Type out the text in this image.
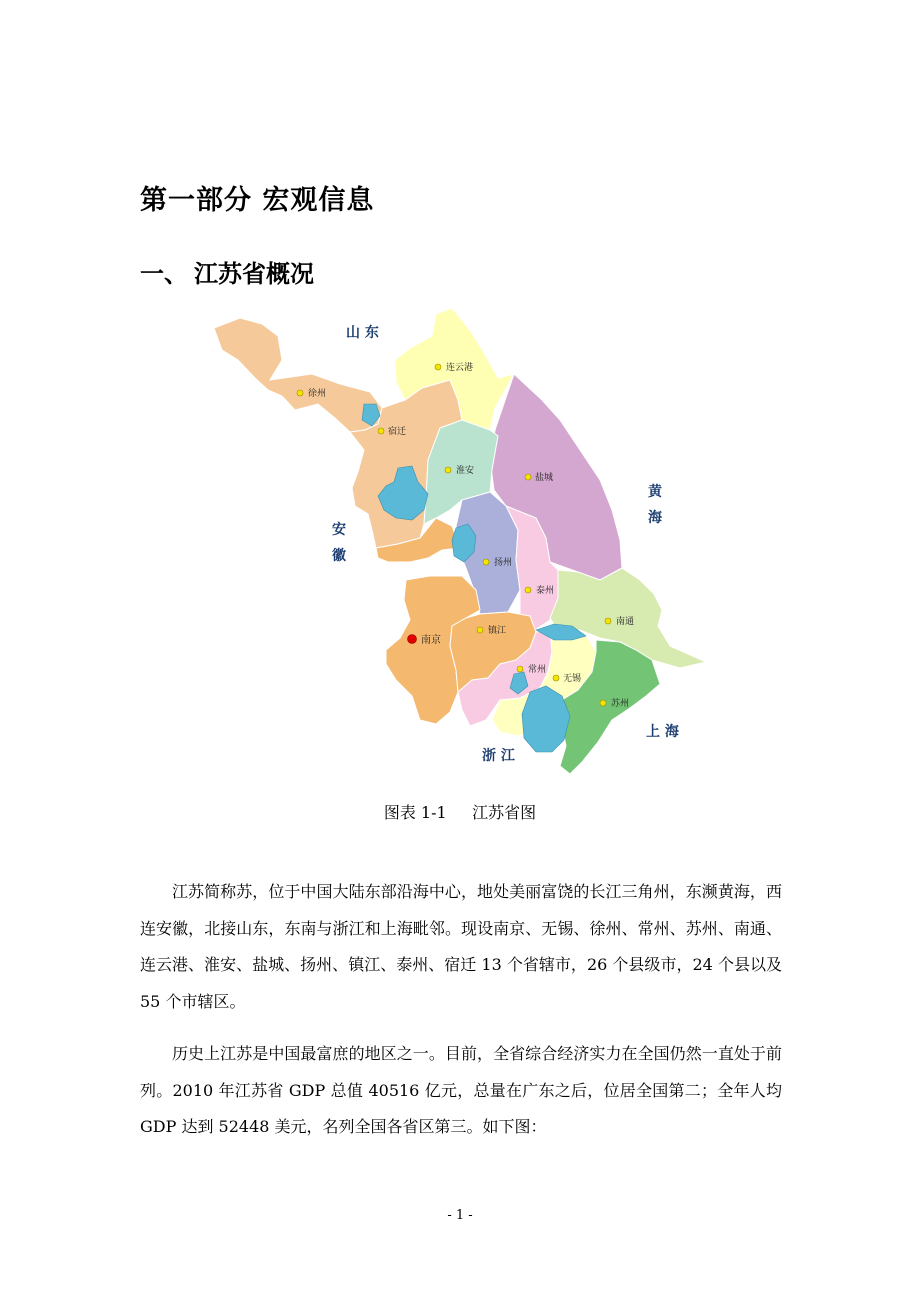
第一部分 宏观信息
一、 江苏省概况
山 东
黄
海
安
徽
上 海
浙 江
徐州
连云港
宿迁
淮安
盐城
扬州
泰州
南通
南京
镇江
常州
无锡
苏州
图表 1-1     江苏省图

江苏简称苏，位于中国大陆东部沿海中心，地处美丽富饶的长江三角州，东濒黄海，西连安徽，北接山东，东南与浙江和上海毗邻。现设南京、无锡、徐州、常州、苏州、南通、连云港、淮安、盐城、扬州、镇江、泰州、宿迁 13 个省辖市，26 个县级市，24 个县以及 55 个市辖区。

历史上江苏是中国最富庶的地区之一。目前，全省综合经济实力在全国仍然一直处于前列。2010 年江苏省 GDP 总值 40516 亿元，总量在广东之后，位居全国第二；全年人均 GDP 达到 52448 美元，名列全国各省区第三。如下图：

- 1 -
